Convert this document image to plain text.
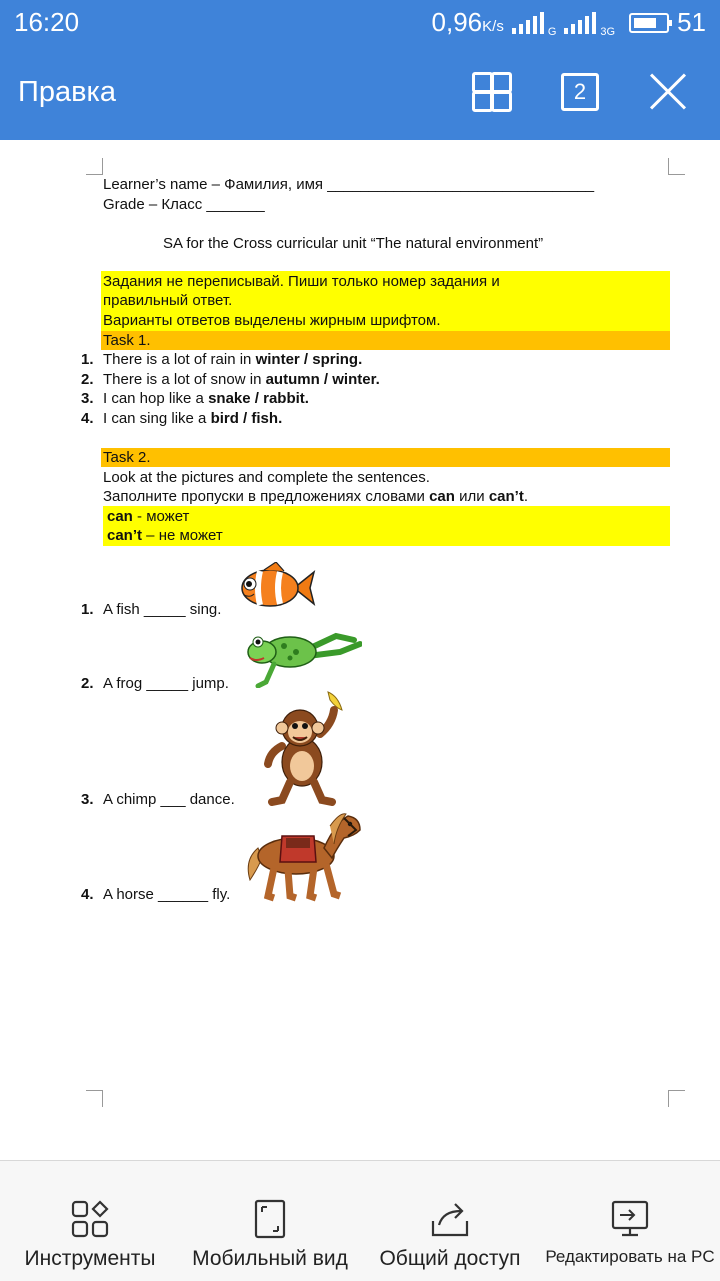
16:20	0,96K/s	G	3G 51
Правка	2
Learner’s name – Фамилия, имя ________________________________
Grade – Класс _______
SA for the Cross curricular unit “The natural environment”
Задания не переписывай. Пиши только номер задания и
правильный ответ.
Варианты ответов выделены жирным шрифтом.
Task 1.
1. There is a lot of rain in winter / spring.
2. There is a lot of snow in autumn / winter.
3. I can hop like a snake / rabbit.
4. I can sing like a bird / fish.
Task 2.
Look at the pictures and complete the sentences.
Заполните пропуски в предложениях словами can или can’t.
can - может
can’t – не может
1. A fish _____ sing.
2. A frog _____ jump.
3. A chimp ___ dance.
4. A horse ______ fly.
Инструменты	Мобильный вид	Общий доступ	Редактировать на PC
